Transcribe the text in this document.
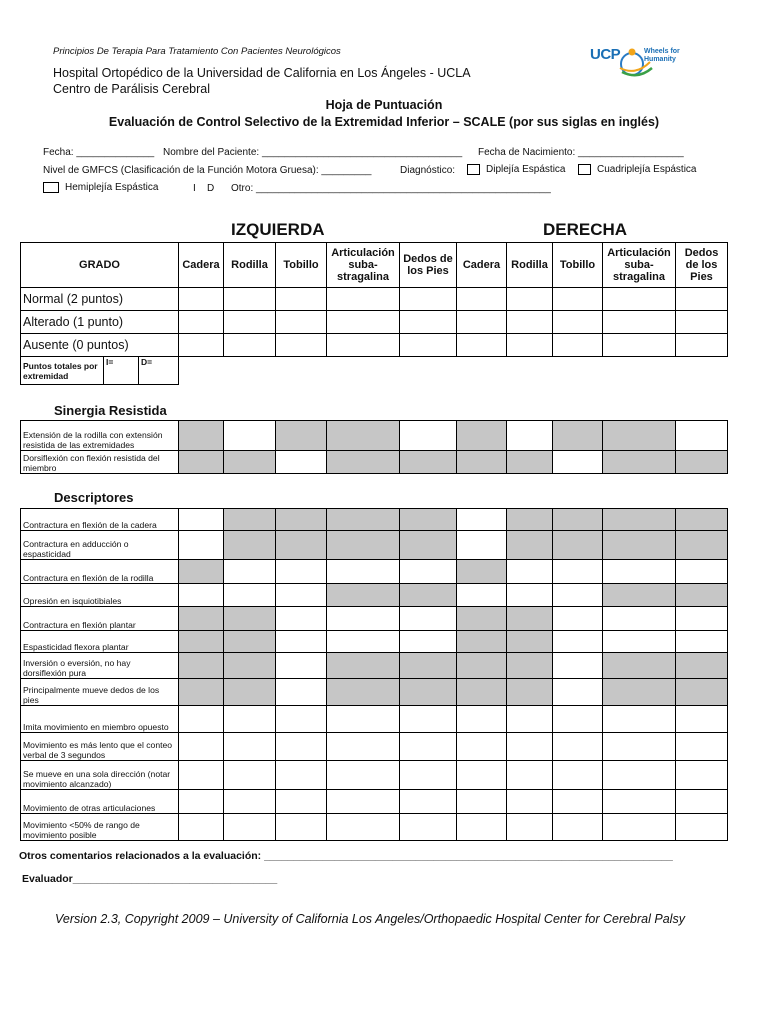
Principios De Terapia Para Tratamiento Con Pacientes Neurológicos
Hospital Ortopédico de la Universidad de California en Los Ángeles - UCLA
Centro de Parálisis Cerebral
UCP	Wheels for Humanity
Hoja de Puntuación
Evaluación de Control Selectivo de la Extremidad Inferior – SCALE (por sus siglas en inglés)
Fecha: ______________ Nombre del Paciente: ____________________________________ Fecha de Nacimiento: ___________________
Nivel de GMFCS (Clasificación de la Función Motora Gruesa): _________	Diagnóstico:	Diplejía Espástica	Cuadriplejía Espástica
Hemiplejía Espástica	I D Otro: _____________________________________________________
IZQUIERDA	DERECHA
GRADO	Cadera	Rodilla	Tobillo	Articulación suba-stragalina	Dedos de los Pies	Cadera	Rodilla	Tobillo	Articulación suba-stragalina	Dedos de los Pies
Normal (2 puntos)										
Alterado (1 punto)										
Ausente (0 puntos)										
Puntos totales por extremidad	I=	D=
Sinergia Resistida
Extensión de la rodilla con extensión resistida de las extremidades										
Dorsiflexión con flexión resistida del miembro										
Descriptores
Contractura en flexión de la cadera										
Contractura en adducción o espasticidad										
Contractura en flexión de la rodilla										
Opresión en isquiotibiales										
Contractura en flexión plantar										
Espasticidad flexora plantar										
Inversión o eversión, no hay dorsiflexión pura										
Principalmente mueve dedos de los pies										
Imita movimiento en miembro opuesto										
Movimiento es más lento que el conteo verbal de 3 segundos										
Se mueve en una sola dirección (notar movimiento alcanzado)										
Movimiento de otras articulaciones										
Movimiento <50% de rango de movimiento posible										
Otros comentarios relacionados a la evaluación: ______________________________________________________________________
Evaluador___________________________________
Version 2.3, Copyright 2009 – University of California Los Angeles/Orthopaedic Hospital Center for Cerebral Palsy
